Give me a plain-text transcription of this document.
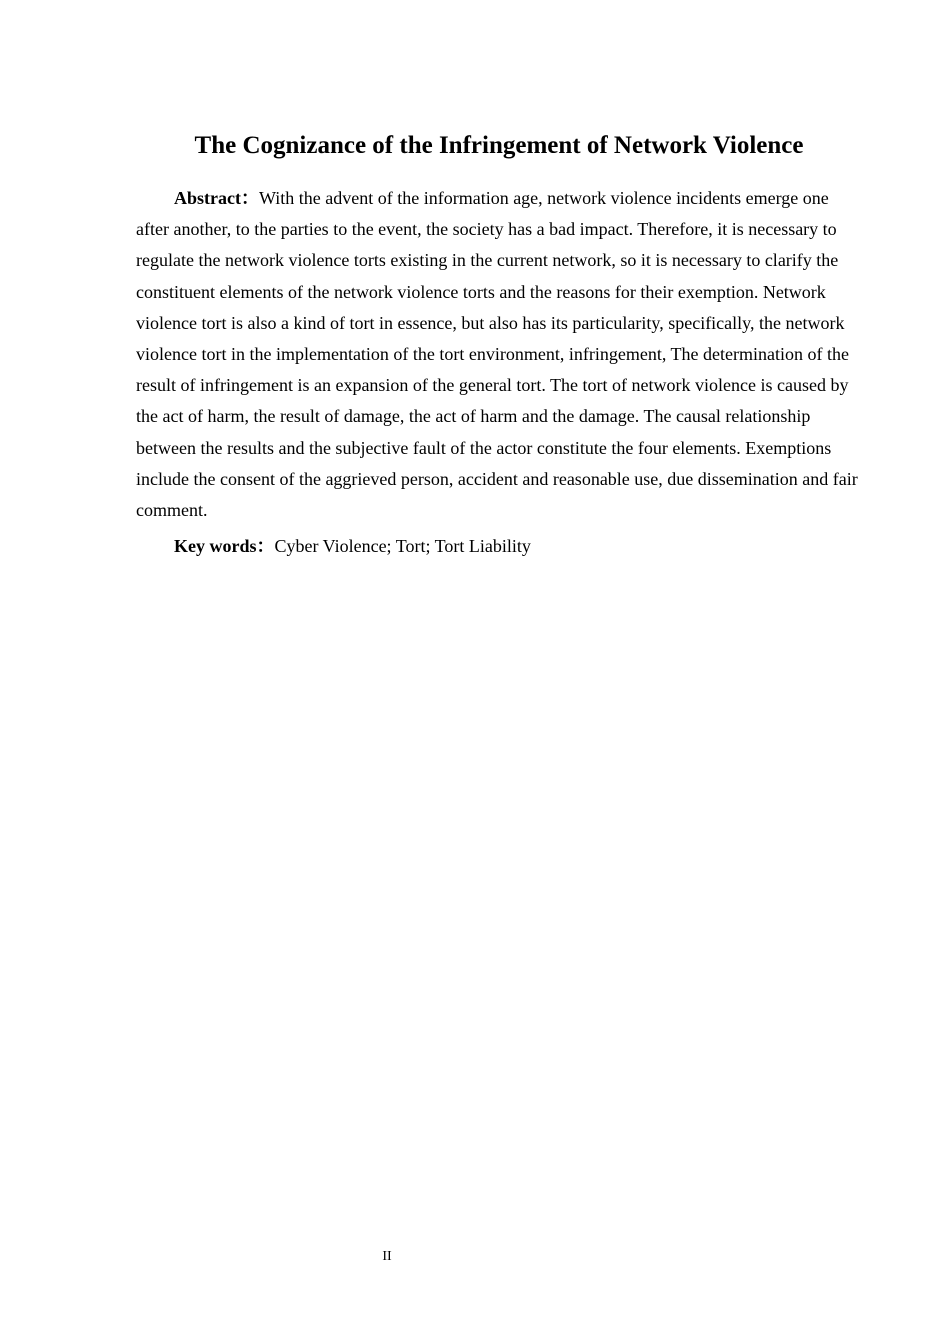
The Cognizance of the Infringement of Network Violence

Abstract：With the advent of the information age, network violence incidents emerge one after another, to the parties to the event, the society has a bad impact. Therefore, it is necessary to regulate the network violence torts existing in the current network, so it is necessary to clarify the constituent elements of the network violence torts and the reasons for their exemption. Network violence tort is also a kind of tort in essence, but also has its particularity, specifically, the network violence tort in the implementation of the tort environment, infringement, The determination of the result of infringement is an expansion of the general tort. The tort of network violence is caused by the act of harm, the result of damage, the act of harm and the damage. The causal relationship between the results and the subjective fault of the actor constitute the four elements. Exemptions include the consent of the aggrieved person, accident and reasonable use, due dissemination and fair comment.

Key words：Cyber Violence; Tort; Tort Liability

II
